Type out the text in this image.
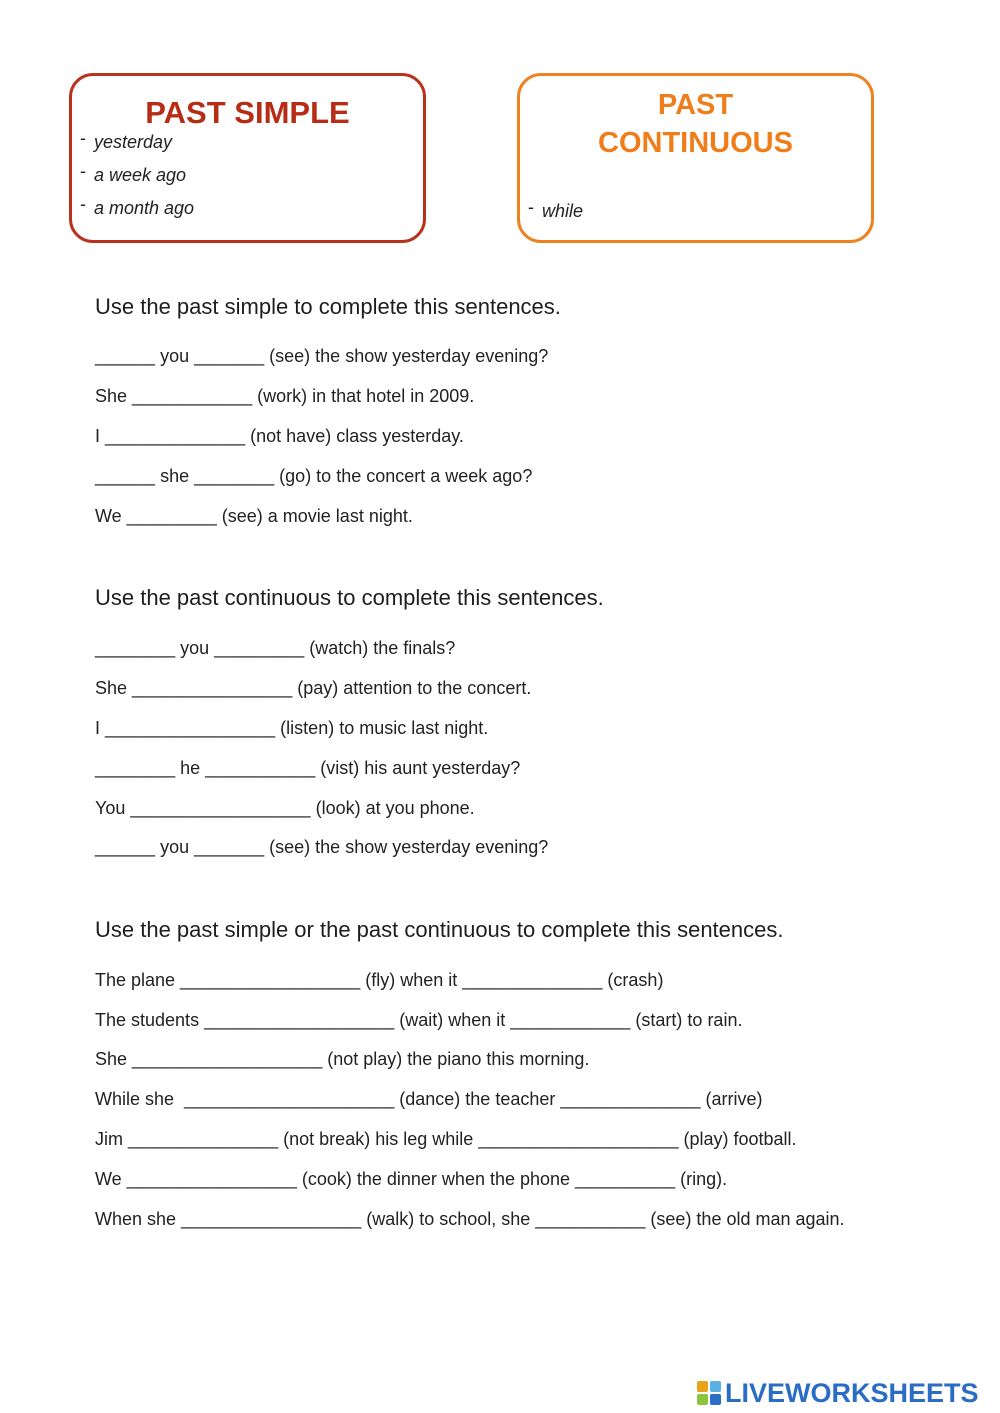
PAST SIMPLE
- yesterday
- a week ago
- a month ago
PAST
CONTINUOUS
- while
Use the past simple to complete this sentences.
______ you _______ (see) the show yesterday evening?
She ____________ (work) in that hotel in 2009.
I ______________ (not have) class yesterday.
______ she ________ (go) to the concert a week ago?
We _________ (see) a movie last night.
Use the past continuous to complete this sentences.
________ you _________ (watch) the finals?
She ________________ (pay) attention to the concert.
I _________________ (listen) to music last night.
________ he ___________ (vist) his aunt yesterday?
You __________________ (look) at you phone.
______ you _______ (see) the show yesterday evening?
Use the past simple or the past continuous to complete this sentences.
The plane __________________ (fly) when it ______________ (crash)
The students ___________________ (wait) when it ____________ (start) to rain.
She ___________________ (not play) the piano this morning.
While she  _____________________ (dance) the teacher ______________ (arrive)
Jim _______________ (not break) his leg while ____________________ (play) football.
We _________________ (cook) the dinner when the phone __________ (ring).
When she __________________ (walk) to school, she ___________ (see) the old man again.
LIVEWORKSHEETS
